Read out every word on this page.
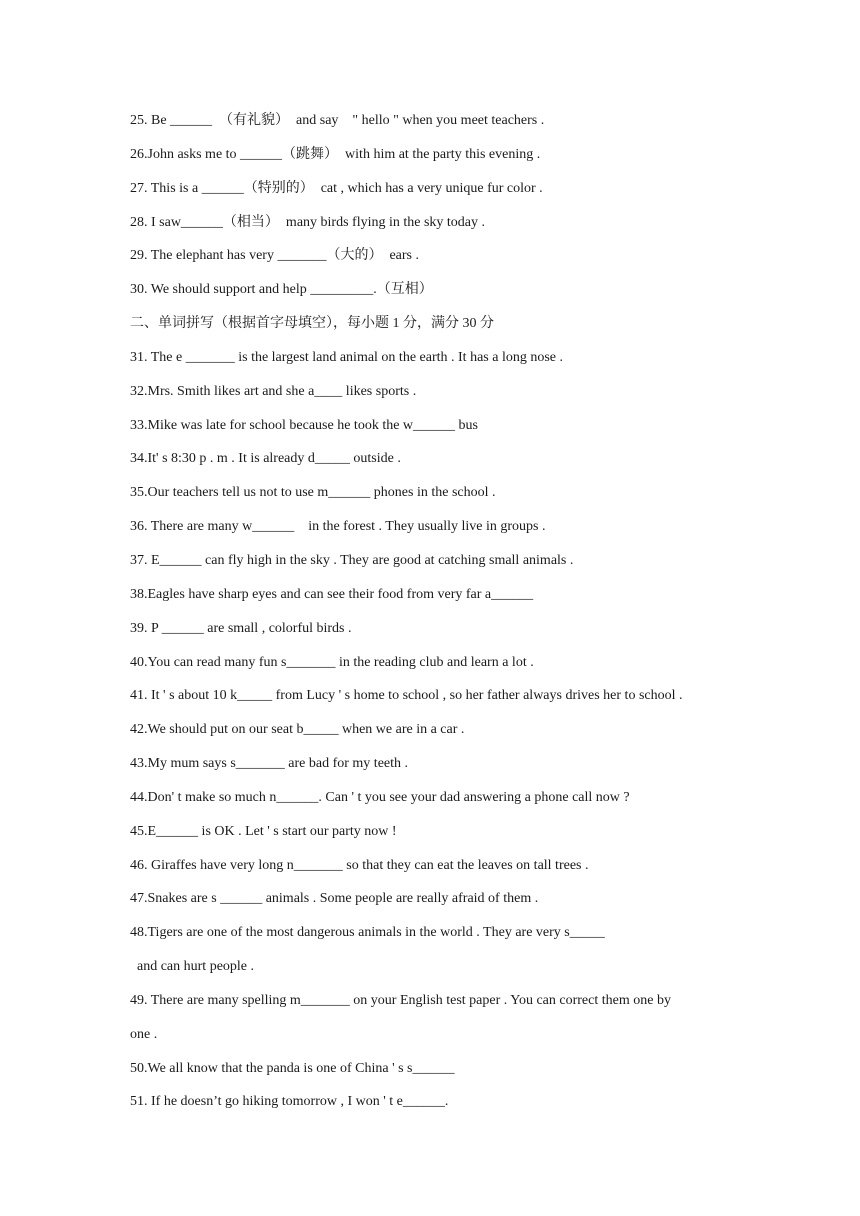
25. Be ______  （有礼貌）  and say    " hello " when you meet teachers .
26.John asks me to ______（跳舞）  with him at the party this evening .
27. This is a ______（特别的）  cat , which has a very unique fur color .
28. I saw______（相当）  many birds flying in the sky today .
29. The elephant has very _______（大的）  ears .
30. We should support and help _________.（互相）
二、单词拼写（根据首字母填空），每小题 1 分，满分 30 分
31. The e _______ is the largest land animal on the earth . It has a long nose .
32.Mrs. Smith likes art and she a____ likes sports .
33.Mike was late for school because he took the w______ bus
34.It' s 8:30 p . m . It is already d_____ outside .
35.Our teachers tell us not to use m______ phones in the school .
36. There are many w______    in the forest . They usually live in groups .
37. E______ can fly high in the sky . They are good at catching small animals .
38.Eagles have sharp eyes and can see their food from very far a______
39. P ______ are small , colorful birds .
40.You can read many fun s_______ in the reading club and learn a lot .
41. It ' s about 10 k_____ from Lucy ' s home to school , so her father always drives her to school .
42.We should put on our seat b_____ when we are in a car .
43.My mum says s_______ are bad for my teeth .
44.Don' t make so much n______. Can ' t you see your dad answering a phone call now ?
45.E______ is OK . Let ' s start our party now !
46. Giraffes have very long n_______ so that they can eat the leaves on tall trees .
47.Snakes are s ______ animals . Some people are really afraid of them .
48.Tigers are one of the most dangerous animals in the world . They are very s_____
and can hurt people .
49. There are many spelling m_______ on your English test paper . You can correct them one by
one .
50.We all know that the panda is one of China ' s s______
51. If he doesn’t go hiking tomorrow , I won ' t e______.
